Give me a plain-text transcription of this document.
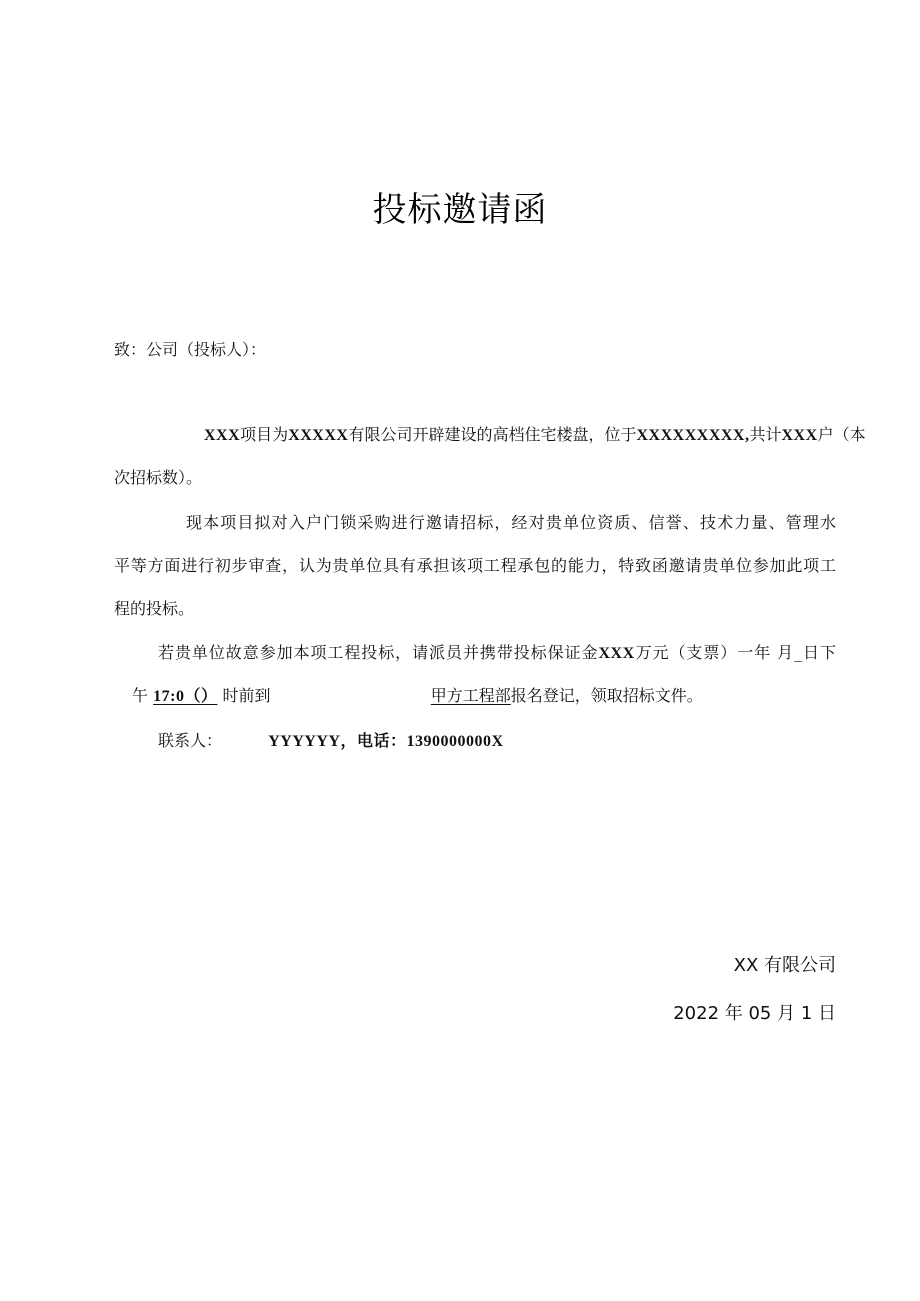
投标邀请函
致：公司（投标人）：
XXX项目为XXXXX有限公司开辟建设的高档住宅楼盘，位于XXXXXXXXX,共计XXX户（本
次招标数）。
现本项目拟对入户门锁采购进行邀请招标，经对贵单位资质、信誉、技术力量、管理水
平等方面进行初步审查，认为贵单位具有承担该项工程承包的能力，特致函邀请贵单位参加此项工
程的投标。
若贵单位故意参加本项工程投标，请派员并携带投标保证金XXX万元（支票）一年 月_日下
午 17:0（） 时前到	甲方工程部报名登记，领取招标文件。
联系人：	YYYYYY，电话：1390000000X
XX 有限公司
2022 年 05 月 1 日
